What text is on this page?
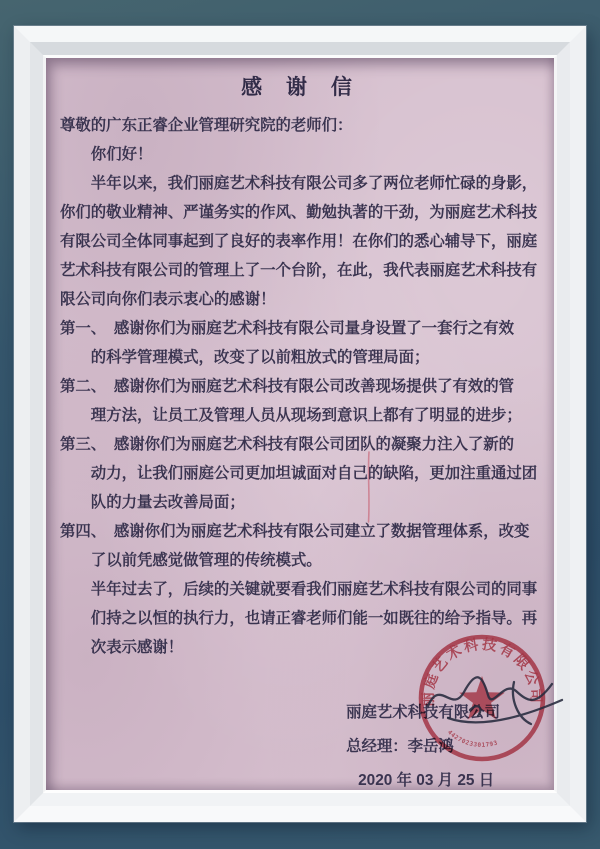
感 谢 信

尊敬的广东正睿企业管理研究院的老师们：

你们好！

半年以来，我们丽庭艺术科技有限公司多了两位老师忙碌的身影，

你们的敬业精神、严谨务实的作风、勤勉执著的干劲，为丽庭艺术科技

有限公司全体同事起到了良好的表率作用！在你们的悉心辅导下，丽庭

艺术科技有限公司的管理上了一个台阶，在此，我代表丽庭艺术科技有

限公司向你们表示衷心的感谢！

第一、　感谢你们为丽庭艺术科技有限公司量身设置了一套行之有效

的科学管理模式，改变了以前粗放式的管理局面；

第二、　感谢你们为丽庭艺术科技有限公司改善现场提供了有效的管

理方法，让员工及管理人员从现场到意识上都有了明显的进步；

第三、　感谢你们为丽庭艺术科技有限公司团队的凝聚力注入了新的

动力，让我们丽庭公司更加坦诚面对自己的缺陷，更加注重通过团

队的力量去改善局面；

第四、　感谢你们为丽庭艺术科技有限公司建立了数据管理体系，改变

了以前凭感觉做管理的传统模式。

半年过去了，后续的关键就要看我们丽庭艺术科技有限公司的同事

们持之以恒的执行力，也请正睿老师们能一如既往的给予指导。再

次表示感谢！

丽庭艺术科技有限公司

总经理：李岳鸿

2020 年 03 月 25 日

丽庭艺术科技有限公司
4427023301793
